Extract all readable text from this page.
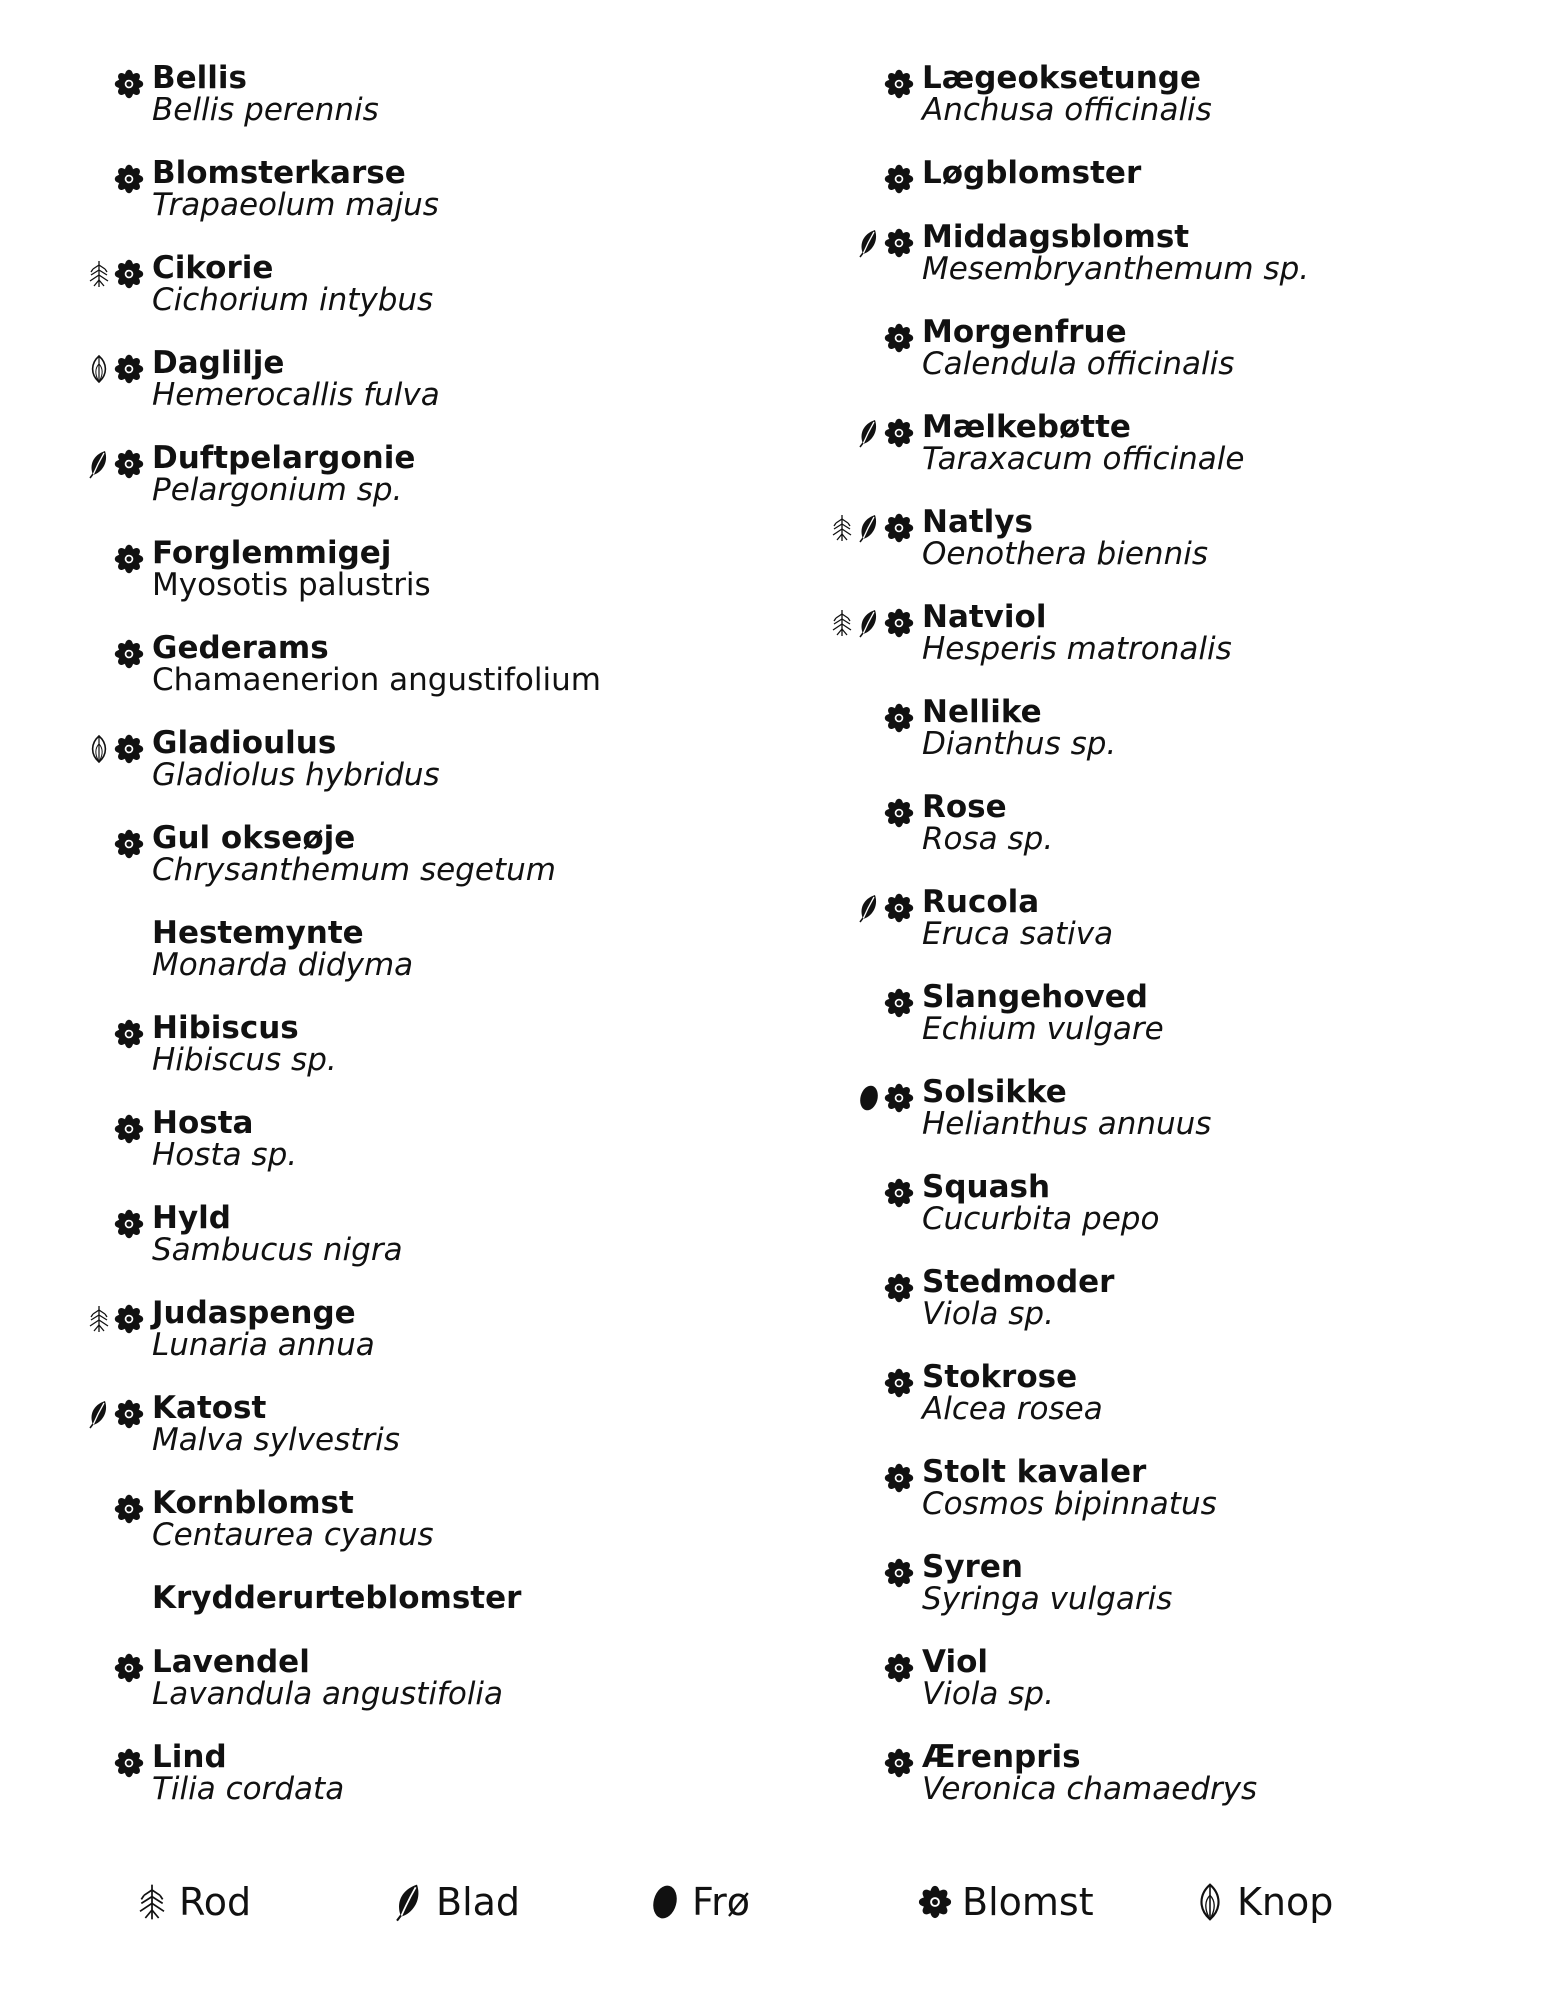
Bellis
Bellis perennis
Blomsterkarse
Trapaeolum majus
Cikorie
Cichorium intybus
Daglilje
Hemerocallis fulva
Duftpelargonie
Pelargonium sp.
Forglemmigej
Myosotis palustris
Gederams
Chamaenerion angustifolium
Gladioulus
Gladiolus hybridus
Gul okseøje
Chrysanthemum segetum
Hestemynte
Monarda didyma
Hibiscus
Hibiscus sp.
Hosta
Hosta sp.
Hyld
Sambucus nigra
Judaspenge
Lunaria annua
Katost
Malva sylvestris
Kornblomst
Centaurea cyanus
Krydderurteblomster
Lavendel
Lavandula angustifolia
Lind
Tilia cordata
Lægeoksetunge
Anchusa officinalis
Løgblomster
Middagsblomst
Mesembryanthemum sp.
Morgenfrue
Calendula officinalis
Mælkebøtte
Taraxacum officinale
Natlys
Oenothera biennis
Natviol
Hesperis matronalis
Nellike
Dianthus sp.
Rose
Rosa sp.
Rucola
Eruca sativa
Slangehoved
Echium vulgare
Solsikke
Helianthus annuus
Squash
Cucurbita pepo
Stedmoder
Viola sp.
Stokrose
Alcea rosea
Stolt kavaler
Cosmos bipinnatus
Syren
Syringa vulgaris
Viol
Viola sp.
Ærenpris
Veronica chamaedrys
Rod	Blad	Frø	Blomst	Knop
